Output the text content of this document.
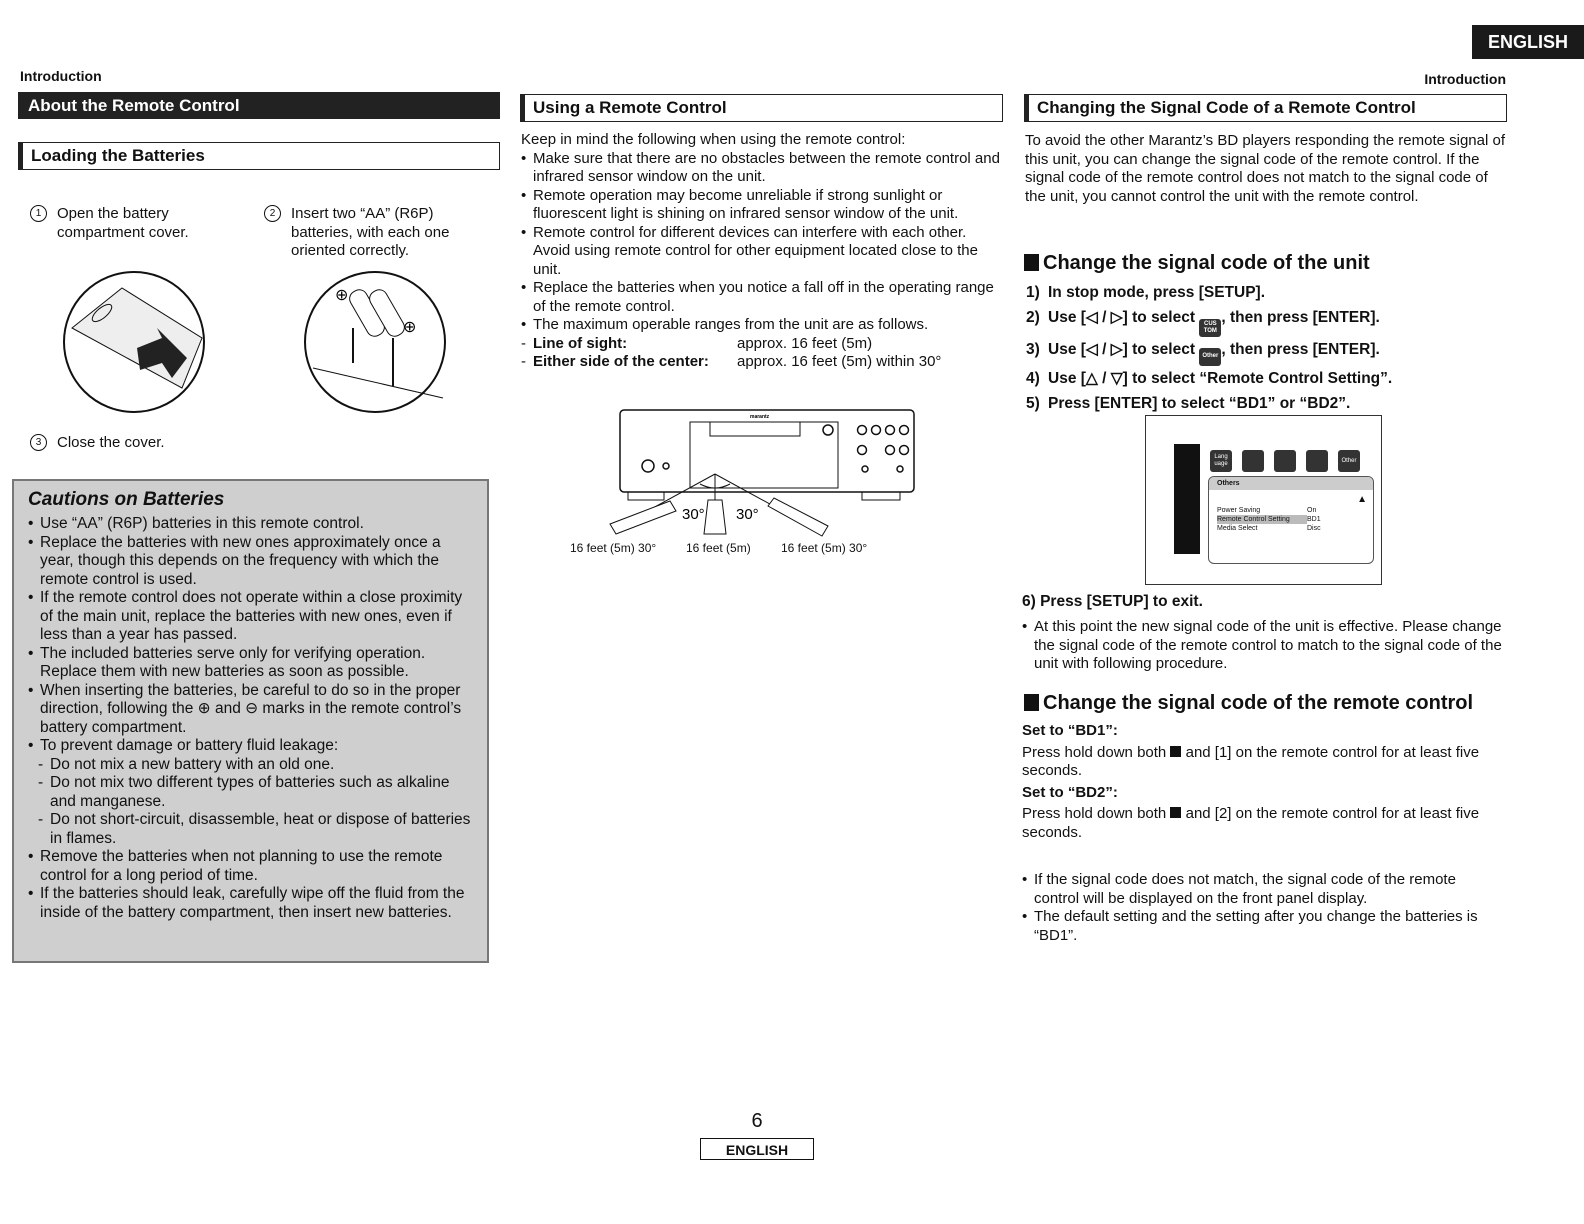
ENGLISH
Introduction	Introduction
About the Remote Control
Loading the Batteries
1	Open the battery compartment cover.
2	Insert two “AA” (R6P) batteries, with each one oriented correctly.
⊕
⊕
3	Close the cover.
Cautions on Batteries
• Use “AA” (R6P) batteries in this remote control.
• Replace the batteries with new ones approximately once a year, though this depends on the frequency with which the remote control is used.
• If the remote control does not operate within a close proximity of the main unit, replace the batteries with new ones, even if less than a year has passed.
• The included batteries serve only for verifying operation. Replace them with new batteries as soon as possible.
• When inserting the batteries, be careful to do so in the proper direction, following the ⊕ and ⊖ marks in the remote control’s battery compartment.
• To prevent damage or battery fluid leakage:
- Do not mix a new battery with an old one.
- Do not mix two different types of batteries such as alkaline and manganese.
- Do not short-circuit, disassemble, heat or dispose of batteries in flames.
• Remove the batteries when not planning to use the remote control for a long period of time.
• If the batteries should leak, carefully wipe off the fluid from the inside of the battery compartment, then insert new batteries.
Using a Remote Control
Keep in mind the following when using the remote control:
• Make sure that there are no obstacles between the remote control and infrared sensor window on the unit.
• Remote operation may become unreliable if strong sunlight or fluorescent light is shining on infrared sensor window of the unit.
• Remote control for different devices can interfere with each other. Avoid using remote control for other equipment located close to the unit.
• Replace the batteries when you notice a fall off in the operating range of the remote control.
• The maximum operable ranges from the unit are as follows.
- Line of sight:	approx. 16 feet (5m)
- Either side of the center:	approx. 16 feet (5m) within 30°
marantz
30° 30°
16 feet (5m) 30° 16 feet (5m)	16 feet (5m) 30°
Changing the Signal Code of a Remote Control
To avoid the other Marantz’s BD players responding the remote signal of this unit, you can change the signal code of the remote control. If the signal code of the remote control does not match to the signal code of the unit, you cannot control the unit with the remote control.
Change the signal code of the unit
1) In stop mode, press [SETUP].
2) Use [◁ / ▷] to select CUS TOM, then press [ENTER].
3) Use [◁ / ▷] to select Other , then press [ENTER].
4) Use [△ / ▽] to select “Remote Control Setting”.
5) Press [ENTER] to select “BD1” or “BD2”.
Lang uage
Other
Others
▲
Power Saving	On
Remote Control Setting	BD1
Media Select	Disc
6) Press [SETUP] to exit.
• At this point the new signal code of the unit is effective. Please change the signal code of the remote control to match to the signal code of the unit with following procedure.
Change the signal code of the remote control
Set to “BD1”:
Press hold down both  and [1] on the remote control for at least five seconds.
Set to “BD2”:
Press hold down both  and [2] on the remote control for at least five seconds.
• If the signal code does not match, the signal code of the remote control will be displayed on the front panel display.
• The default setting and the setting after you change the batteries is “BD1”.
6
ENGLISH
